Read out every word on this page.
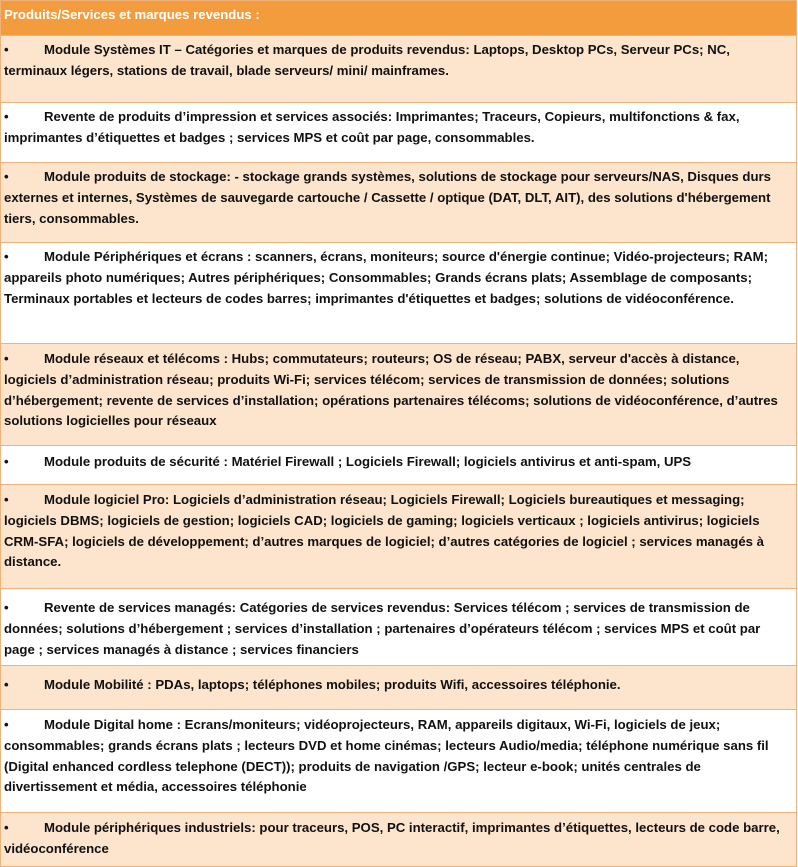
Produits/Services et marques revendus :

•	Module Systèmes IT – Catégories et marques de produits revendus: Laptops, Desktop PCs, Serveur PCs; NC, terminaux légers, stations de travail, blade serveurs/ mini/ mainframes.

•	Revente de produits d’impression et services associés: Imprimantes; Traceurs, Copieurs, multifonctions & fax, imprimantes d’étiquettes et badges ; services MPS et coût par page, consommables.

•	Module produits de stockage: - stockage grands systèmes, solutions de stockage pour serveurs/NAS, Disques durs externes et internes, Systèmes de sauvegarde cartouche / Cassette / optique (DAT, DLT, AIT), des solutions d'hébergement tiers, consommables.

•	Module Périphériques et écrans : scanners, écrans, moniteurs; source d'énergie continue; Vidéo-projecteurs; RAM; appareils photo numériques; Autres périphériques; Consommables; Grands écrans plats; Assemblage de composants; Terminaux portables et lecteurs de codes barres; imprimantes d'étiquettes et badges; solutions de vidéoconférence.

•	Module réseaux et télécoms : Hubs; commutateurs; routeurs; OS de réseau; PABX, serveur d'accès à distance, logiciels d’administration réseau; produits Wi-Fi; services télécom; services de transmission de données; solutions d’hébergement; revente de services d’installation; opérations partenaires télécoms; solutions de vidéoconférence, d’autres solutions logicielles pour réseaux

•	Module produits de sécurité : Matériel Firewall ; Logiciels Firewall; logiciels antivirus et anti-spam, UPS

•	Module logiciel Pro: Logiciels d’administration réseau; Logiciels Firewall; Logiciels bureautiques et messaging; logiciels DBMS; logiciels de gestion; logiciels CAD; logiciels de gaming; logiciels verticaux ; logiciels antivirus; logiciels CRM-SFA; logiciels de développement; d’autres marques de logiciel; d’autres catégories de logiciel ; services managés à distance.

•	Revente de services managés: Catégories de services revendus: Services télécom ; services de transmission de données; solutions d’hébergement ; services d’installation ; partenaires d’opérateurs télécom ; services MPS et coût par page ; services managés à distance ; services financiers

•	Module Mobilité : PDAs, laptops; téléphones mobiles; produits Wifi, accessoires téléphonie.

•	Module Digital home : Ecrans/moniteurs; vidéoprojecteurs, RAM, appareils digitaux, Wi-Fi, logiciels de jeux; consommables; grands écrans plats ; lecteurs DVD et home cinémas; lecteurs Audio/media; téléphone numérique sans fil (Digital enhanced cordless telephone (DECT)); produits de navigation /GPS; lecteur e-book; unités centrales de divertissement et média, accessoires téléphonie

•	Module périphériques industriels: pour traceurs, POS, PC interactif, imprimantes d’étiquettes, lecteurs de code barre, vidéoconférence
